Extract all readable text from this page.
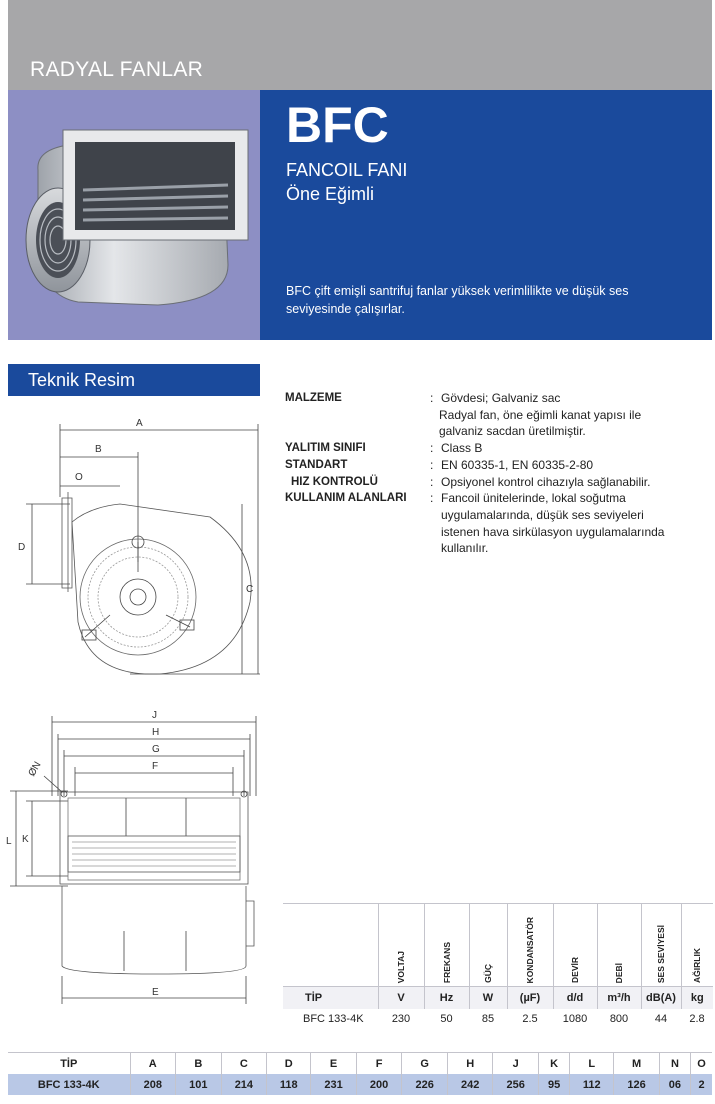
RADYAL FANLAR
BFC
FANCOIL FANI
Öne Eğimli
BFC çift emişli santrifuj fanlar yüksek verimlilikte ve düşük ses seviyesinde çalışırlar.
Teknik Resim
MALZEME	: Gövdesi; Galvaniz sac
Radyal fan, öne eğimli kanat yapısı ile
galvaniz sacdan üretilmiştir.
YALITIM SINIFI	: Class B
STANDART	: EN 60335-1, EN 60335-2-80
HIZ KONTROLÜ	: Opsiyonel kontrol cihazıyla sağlanabilir.
KULLANIM ALANLARI	: Fancoil ünitelerinde, lokal soğutma
uygulamalarında, düşük ses seviyeleri
istenen hava sirkülasyon uygulamalarında
kullanılır.
A
B
O
D
C
J
H
G
F
ØN
L K
E
	VOLTAJ	FREKANS	GÜÇ	KONDANSATÖR	DEVİR	DEBİ	SES SEVİYESİ	AĞIRLIK
TİP	V	Hz	W	(µF)	d/d	m³/h	dB(A)	kg
BFC 133-4K	230	50	85	2.5	1080	800	44	2.8
TİP	A	B	C	D	E	F	G	H	J	K	L	M	N	O
BFC 133-4K	208	101	214	118	231	200	226	242	256	95	112	126	06	2
